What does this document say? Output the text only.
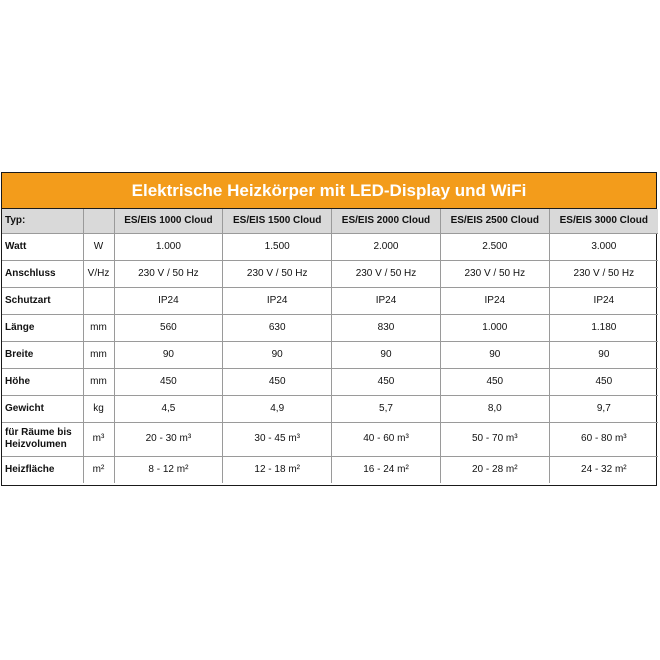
Elektrische Heizkörper mit LED-Display und WiFi
Typ:		ES/EIS 1000 Cloud	ES/EIS 1500 Cloud	ES/EIS 2000 Cloud	ES/EIS 2500 Cloud	ES/EIS 3000 Cloud
Watt	W	1.000	1.500	2.000	2.500	3.000
Anschluss	V/Hz	230 V / 50 Hz	230 V / 50 Hz	230 V / 50 Hz	230 V / 50 Hz	230 V / 50 Hz
Schutzart		IP24	IP24	IP24	IP24	IP24
Länge	mm	560	630	830	1.000	1.180
Breite	mm	90	90	90	90	90
Höhe	mm	450	450	450	450	450
Gewicht	kg	4,5	4,9	5,7	8,0	9,7
für Räume bis Heizvolumen	m³	20 - 30 m³	30 - 45 m³	40 - 60 m³	50 - 70 m³	60 - 80 m³
Heizfläche	m²	8 - 12 m²	12 - 18 m²	16 - 24 m²	20 - 28 m²	24 - 32 m²
